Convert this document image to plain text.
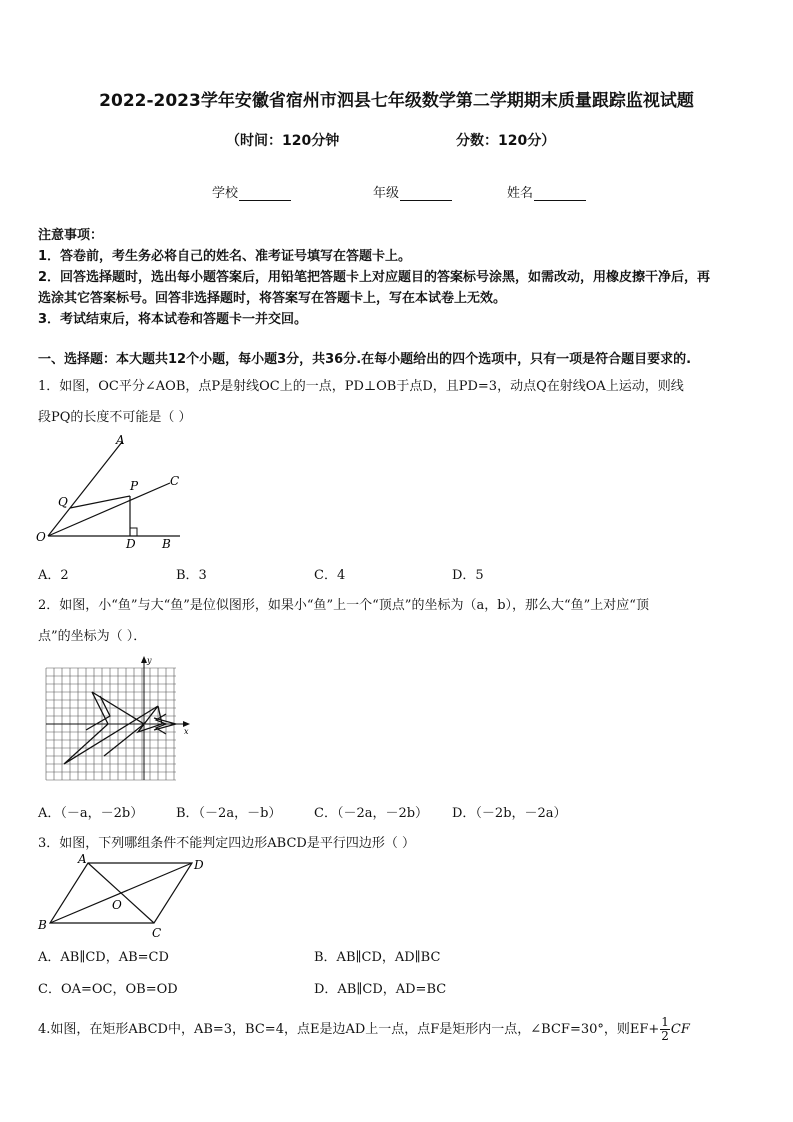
2022-2023学年安徽省宿州市泗县七年级数学第二学期期末质量跟踪监视试题
（时间：120分钟	分数：120分）
学校	年级	姓名
注意事项：
1．答卷前，考生务必将自己的姓名、准考证号填写在答题卡上。
2．回答选择题时，选出每小题答案后，用铅笔把答题卡上对应题目的答案标号涂黑，如需改动，用橡皮擦干净后，再
选涂其它答案标号。回答非选择题时，将答案写在答题卡上，写在本试卷上无效。
3．考试结束后，将本试卷和答题卡一并交回。
一、选择题：本大题共12个小题，每小题3分，共36分.在每小题给出的四个选项中，只有一项是符合题目要求的.
1．如图，OC平分∠AOB，点P是射线OC上的一点，PD⊥OB于点D，且PD=3，动点Q在射线OA上运动，则线
段PQ的长度不可能是（ ）
A
C
P
Q
O	D B
A．2	B．3	C．4	D．5
2．如图，小“鱼”与大“鱼”是位似图形，如果小“鱼”上一个“顶点”的坐标为（a，b），那么大“鱼”上对应“顶
点”的坐标为（ ）．
y
x
A．（－a，－2b）	B．（－2a，－b）	C．（－2a，－2b） D．（－2b，－2a）
3．如图，下列哪组条件不能判定四边形ABCD是平行四边形（ ）
A	D
B
C
O
A．AB∥CD，AB=CD	B．AB∥CD，AD∥BC
C．OA=OC，OB=OD	D．AB∥CD，AD=BC
4.如图，在矩形ABCD中，AB=3，BC=4，点E是边AD上一点，点F是矩形内一点，∠BCF=30°，则$EF+ \frac{1}{2}$ CF
